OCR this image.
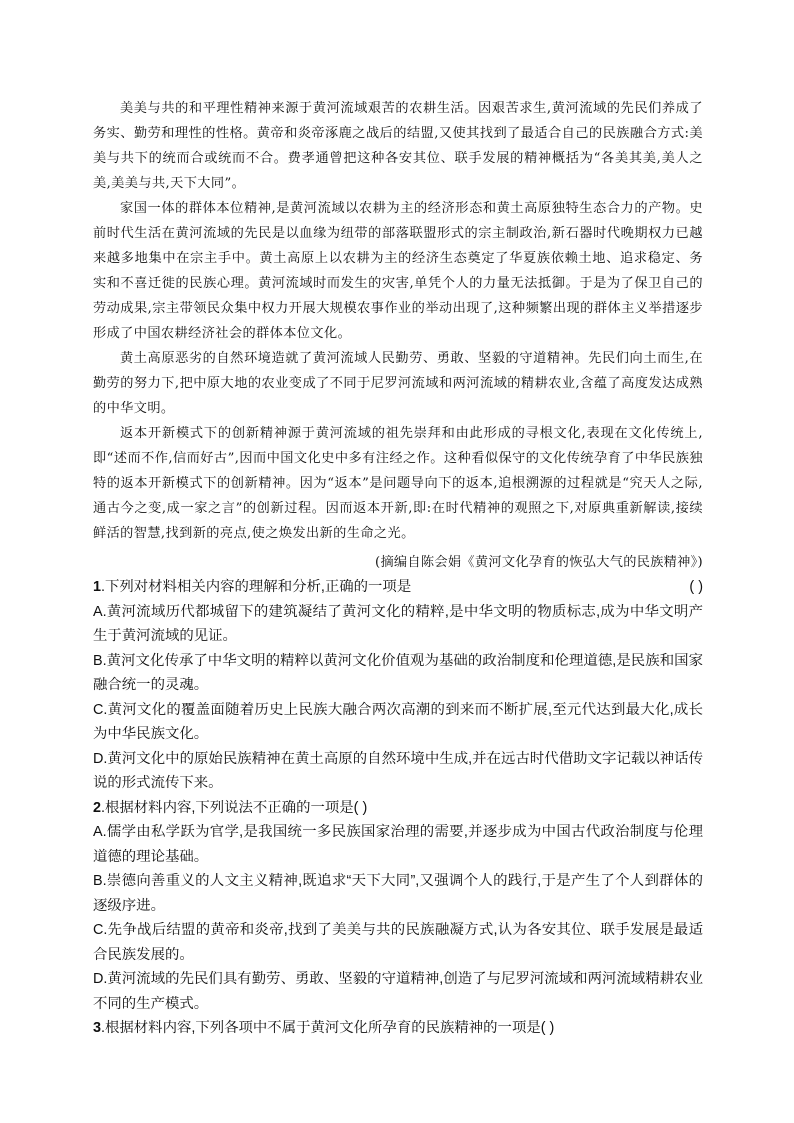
美美与共的和平理性精神来源于黄河流域艰苦的农耕生活。因艰苦求生,黄河流域的先民们养成了务实、勤劳和理性的性格。黄帝和炎帝涿鹿之战后的结盟,又使其找到了最适合自己的民族融合方式:美美与共下的统而合或统而不合。费孝通曾把这种各安其位、联手发展的精神概括为“各美其美,美人之美,美美与共,天下大同”。

家国一体的群体本位精神,是黄河流域以农耕为主的经济形态和黄土高原独特生态合力的产物。史前时代生活在黄河流域的先民是以血缘为纽带的部落联盟形式的宗主制政治,新石器时代晚期权力已越来越多地集中在宗主手中。黄土高原上以农耕为主的经济生态奠定了华夏族依赖土地、追求稳定、务实和不喜迁徙的民族心理。黄河流域时而发生的灾害,单凭个人的力量无法抵御。于是为了保卫自己的劳动成果,宗主带领民众集中权力开展大规模农事作业的举动出现了,这种频繁出现的群体主义举措逐步形成了中国农耕经济社会的群体本位文化。

黄土高原恶劣的自然环境造就了黄河流域人民勤劳、勇敢、坚毅的守道精神。先民们向土而生,在勤劳的努力下,把中原大地的农业变成了不同于尼罗河流域和两河流域的精耕农业,含蕴了高度发达成熟的中华文明。

返本开新模式下的创新精神源于黄河流域的祖先崇拜和由此形成的寻根文化,表现在文化传统上,即“述而不作,信而好古”,因而中国文化史中多有注经之作。这种看似保守的文化传统孕育了中华民族独特的返本开新模式下的创新精神。因为“返本”是问题导向下的返本,追根溯源的过程就是“究天人之际,通古今之变,成一家之言”的创新过程。因而返本开新,即:在时代精神的观照之下,对原典重新解读,接续鲜活的智慧,找到新的亮点,使之焕发出新的生命之光。

(摘编自陈会娟《黄河文化孕育的恢弘大气的民族精神》)
1.下列对材料相关内容的理解和分析,正确的一项是	( )
A.黄河流域历代都城留下的建筑凝结了黄河文化的精粹,是中华文明的物质标志,成为中华文明产生于黄河流域的见证。
B.黄河文化传承了中华文明的精粹以黄河文化价值观为基础的政治制度和伦理道德,是民族和国家融合统一的灵魂。
C.黄河文化的覆盖面随着历史上民族大融合两次高潮的到来而不断扩展,至元代达到最大化,成长为中华民族文化。
D.黄河文化中的原始民族精神在黄土高原的自然环境中生成,并在远古时代借助文字记载以神话传说的形式流传下来。
2.根据材料内容,下列说法不正确的一项是( )
A.儒学由私学跃为官学,是我国统一多民族国家治理的需要,并逐步成为中国古代政治制度与伦理道德的理论基础。
B.崇德向善重义的人文主义精神,既追求“天下大同”,又强调个人的践行,于是产生了个人到群体的逐级序进。
C.先争战后结盟的黄帝和炎帝,找到了美美与共的民族融凝方式,认为各安其位、联手发展是最适合民族发展的。
D.黄河流域的先民们具有勤劳、勇敢、坚毅的守道精神,创造了与尼罗河流域和两河流域精耕农业不同的生产模式。
3.根据材料内容,下列各项中不属于黄河文化所孕育的民族精神的一项是( )
